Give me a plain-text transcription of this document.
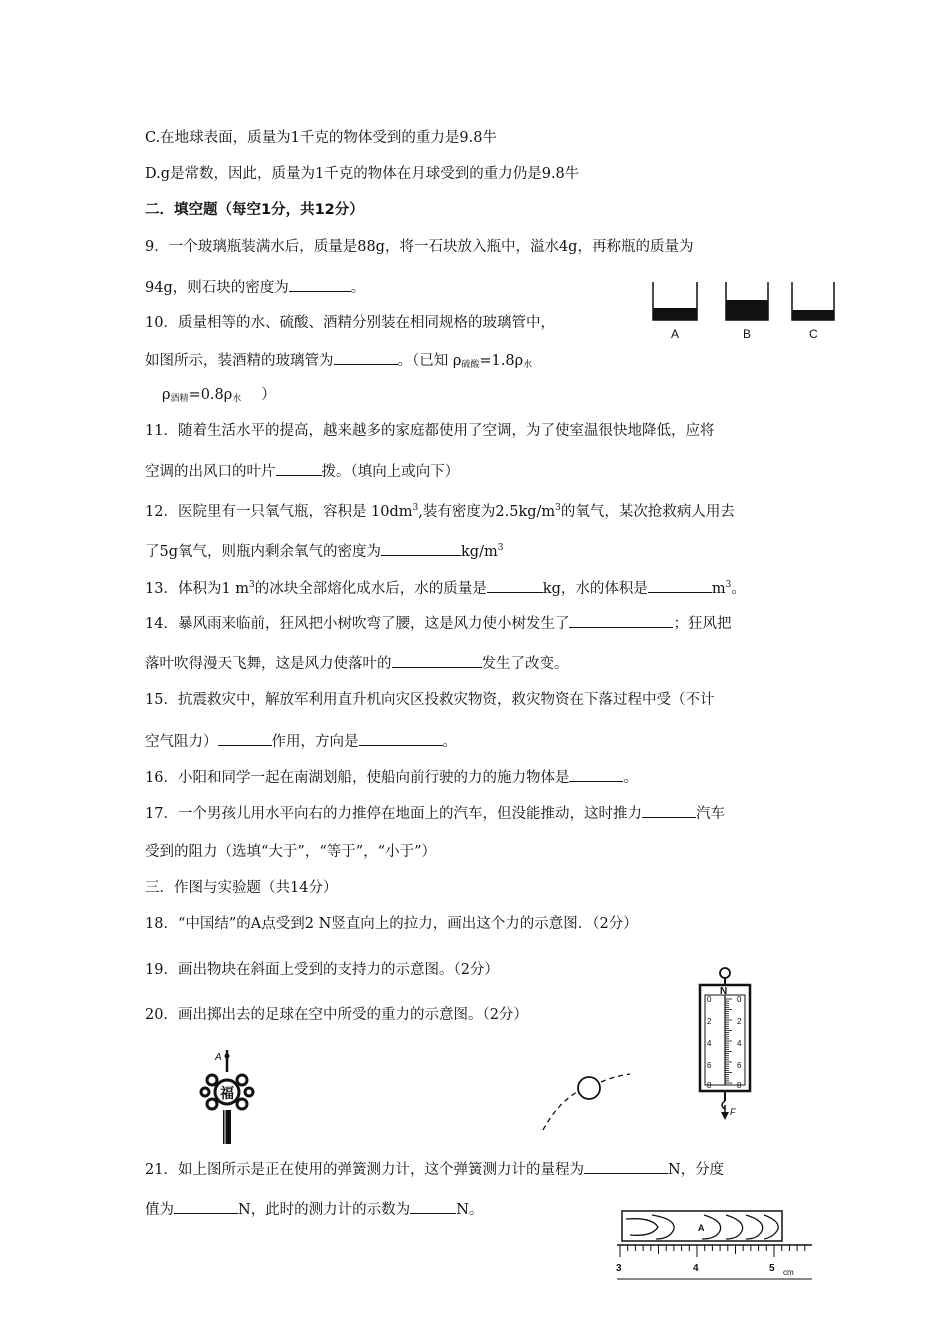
C.在地球表面，质量为1千克的物体受到的重力是9.8牛
D.g是常数，因此，质量为1千克的物体在月球受到的重力仍是9.8牛
二．填空题（每空1分，共12分）
9．一个玻璃瓶装满水后，质量是88g，将一石块放入瓶中，溢水4g，再称瓶的质量为
94g，则石块的密度为	。
10．质量相等的水、硫酸、酒精分别装在相同规格的玻璃管中，
如图所示，装酒精的玻璃管为	。（已知 $\rho_{硫酸}=1.8\rho_水$
$\rho_{酒精}=0.8\rho_水$ ）
11．随着生活水平的提高，越来越多的家庭都使用了空调，为了使室温很快地降低，应将
空调的出风口的叶片	拨。（填向上或向下）
12．医院里有一只氧气瓶，容积是 $10dm^3$,装有密度为$2.5kg/m^3$的氧气，某次抢救病人用去
了5g氧气，则瓶内剩余氧气的密度为	$kg/m^3$
13．体积为1 $m^3$的冰块全部熔化成水后，水的质量是	kg，水的体积是	$m^3$。
14．暴风雨来临前，狂风把小树吹弯了腰，这是风力使小树发生了	；狂风把
落叶吹得漫天飞舞，这是风力使落叶的	发生了改变。
15．抗震救灾中，解放军利用直升机向灾区投救灾物资，救灾物资在下落过程中受（不计
空气阻力）	作用，方向是	。
16．小阳和同学一起在南湖划船，使船向前行驶的力的施力物体是	。
17．一个男孩儿用水平向右的力推停在地面上的汽车，但没能推动，这时推力	汽车
受到的阻力（选填“大于”，“等于”，“小于”）
三．作图与实验题（共14分）
18．“中国结”的A点受到2 N竖直向上的拉力，画出这个力的示意图．（2分）
19．画出物块在斜面上受到的支持力的示意图。（2分）
20．画出掷出去的足球在空中所受的重力的示意图。（2分）
21．如上图所示是正在使用的弹簧测力计，这个弹簧测力计的量程为	N，分度
值为	N，此时的测力计的示数为	N。
A	B	C
A
福
N
0	0
2	2
4	4
6	6
8	8
F
A
3	4	5 cm
